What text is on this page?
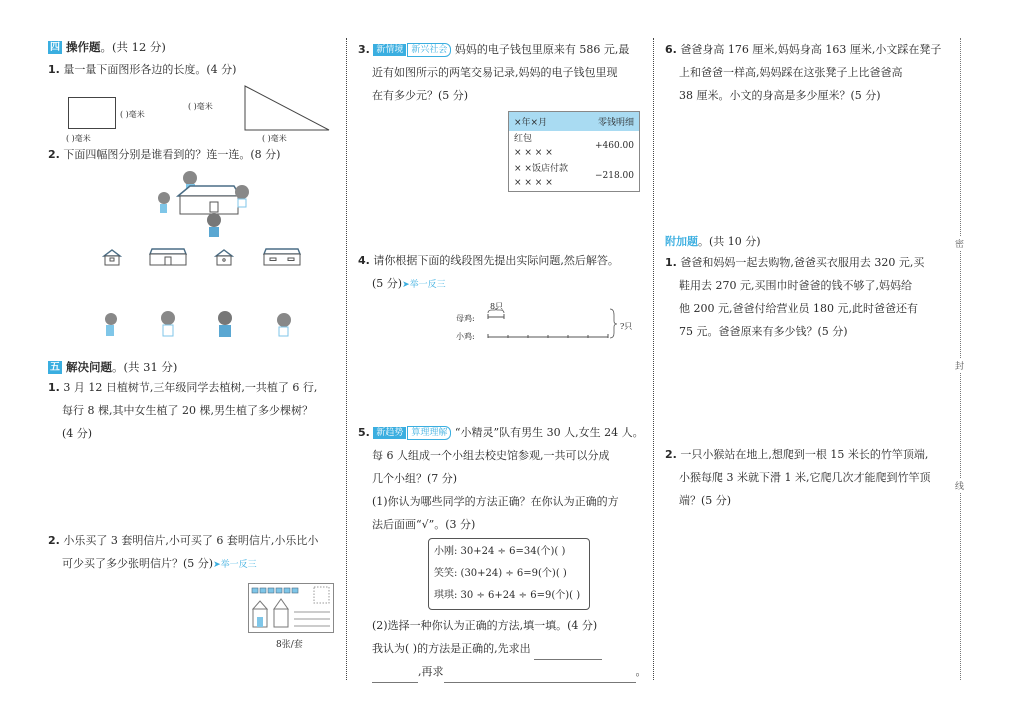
密
封
线
四 操作题 。(共 12 分)
1. 量一量下面图形各边的长度。(4 分)
( )毫米
( )毫米
( )毫米
( )毫米
2. 下面四幅图分别是谁看到的？连一连。(8 分)
五 解决问题 。(共 31 分)
1. 3 月 12 日植树节,三年级同学去植树,一共植了 6 行,
每行 8 棵,其中女生植了 20 棵,男生植了多少棵树？
(4 分)
2. 小乐买了 3 套明信片,小可买了 6 套明信片,小乐比小
可少买了多少张明信片？(5 分)➤举一反三
8张/套
3. 新情境 新兴社会 妈妈的电子钱包里原来有 586 元,最
近有如图所示的两笔交易记录,妈妈的电子钱包里现
在有多少元？(5 分)
×年×月	零钱明细
红包
× × × ×
+460.00
× ×饭店付款
× × × ×
−218.00
4. 请你根据下面的线段图先提出实际问题,然后解答。
(5 分)➤举一反三
8只
母鸡:
小鸡:
?只
5. 新趋势 算理理解 “小精灵”队有男生 30 人,女生 24 人。
每 6 人组成一个小组去校史馆参观,一共可以分成
几个小组？(7 分)
(1)你认为哪些同学的方法正确？在你认为正确的方
法后面画“√”。(3 分)
小刚: 30+24 ÷ 6=34(个)( )
笑笑: (30+24) ÷ 6=9(个)( )
琪琪: 30 ÷ 6+24 ÷ 6=9(个)( )
(2)选择一种你认为正确的方法,填一填。(4 分)
我认为( )的方法是正确的,先求出
,再求	。
6. 爸爸身高 176 厘米,妈妈身高 163 厘米,小文踩在凳子
上和爸爸一样高,妈妈踩在这张凳子上比爸爸高
38 厘米。小文的身高是多少厘米？(5 分)
附加题。(共 10 分)
1. 爸爸和妈妈一起去购物,爸爸买衣服用去 320 元,买
鞋用去 270 元,买围巾时爸爸的钱不够了,妈妈给
他 200 元,爸爸付给营业员 180 元,此时爸爸还有
75 元。爸爸原来有多少钱？(5 分)
2. 一只小猴站在地上,想爬到一根 15 米长的竹竿顶端,
小猴每爬 3 米就下滑 1 米,它爬几次才能爬到竹竿顶
端？(5 分)
